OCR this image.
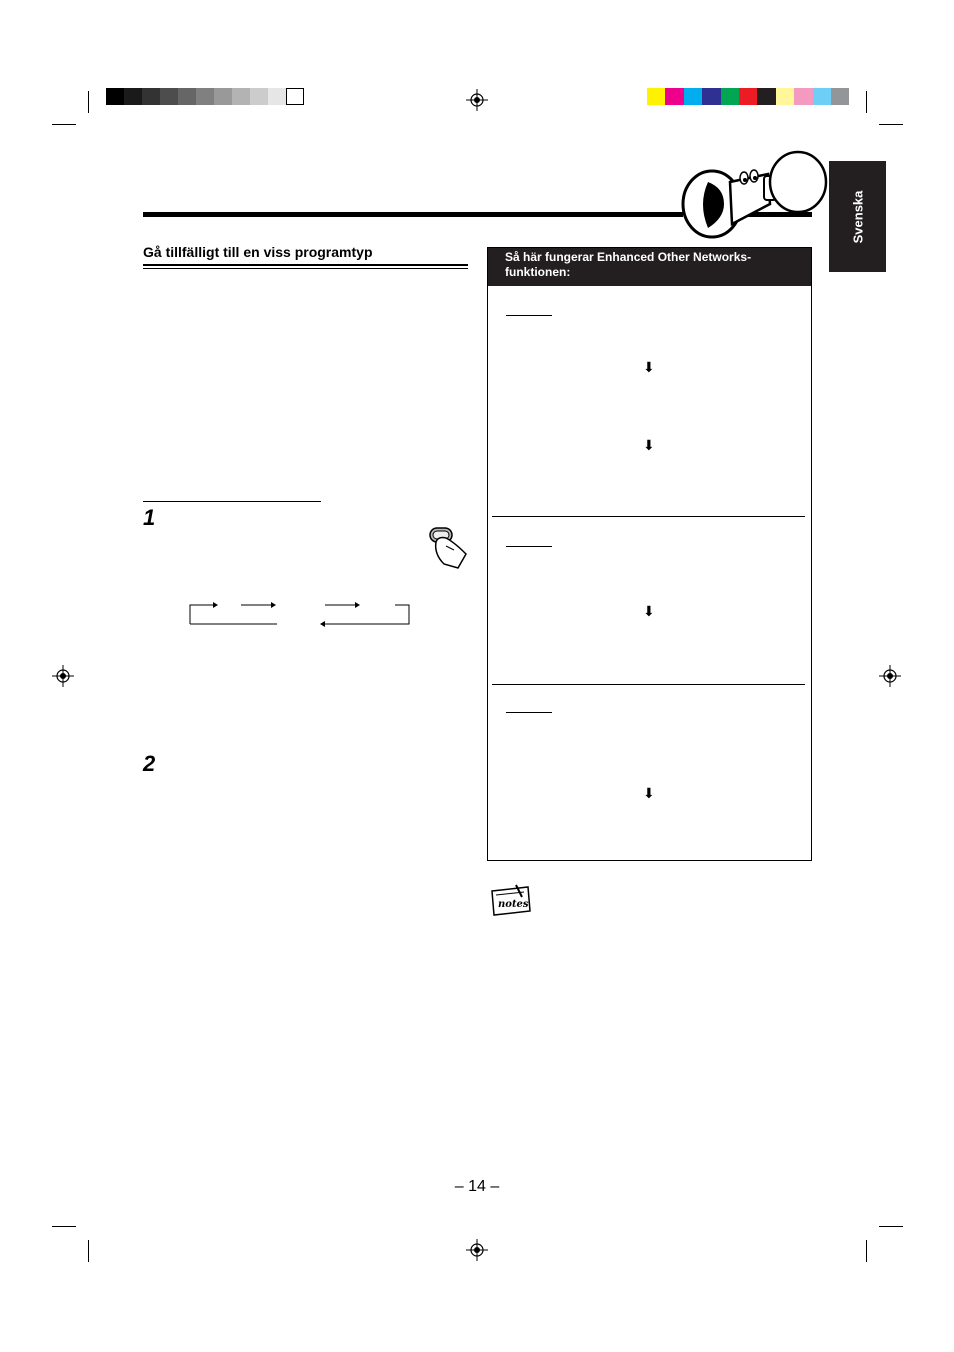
Svenska
Gå tillfälligt till en viss programtyp
1
2
Så här fungerar Enhanced Other Networks-
funktionen:
⬇
⬇
⬇
⬇
notes
– 14 –
